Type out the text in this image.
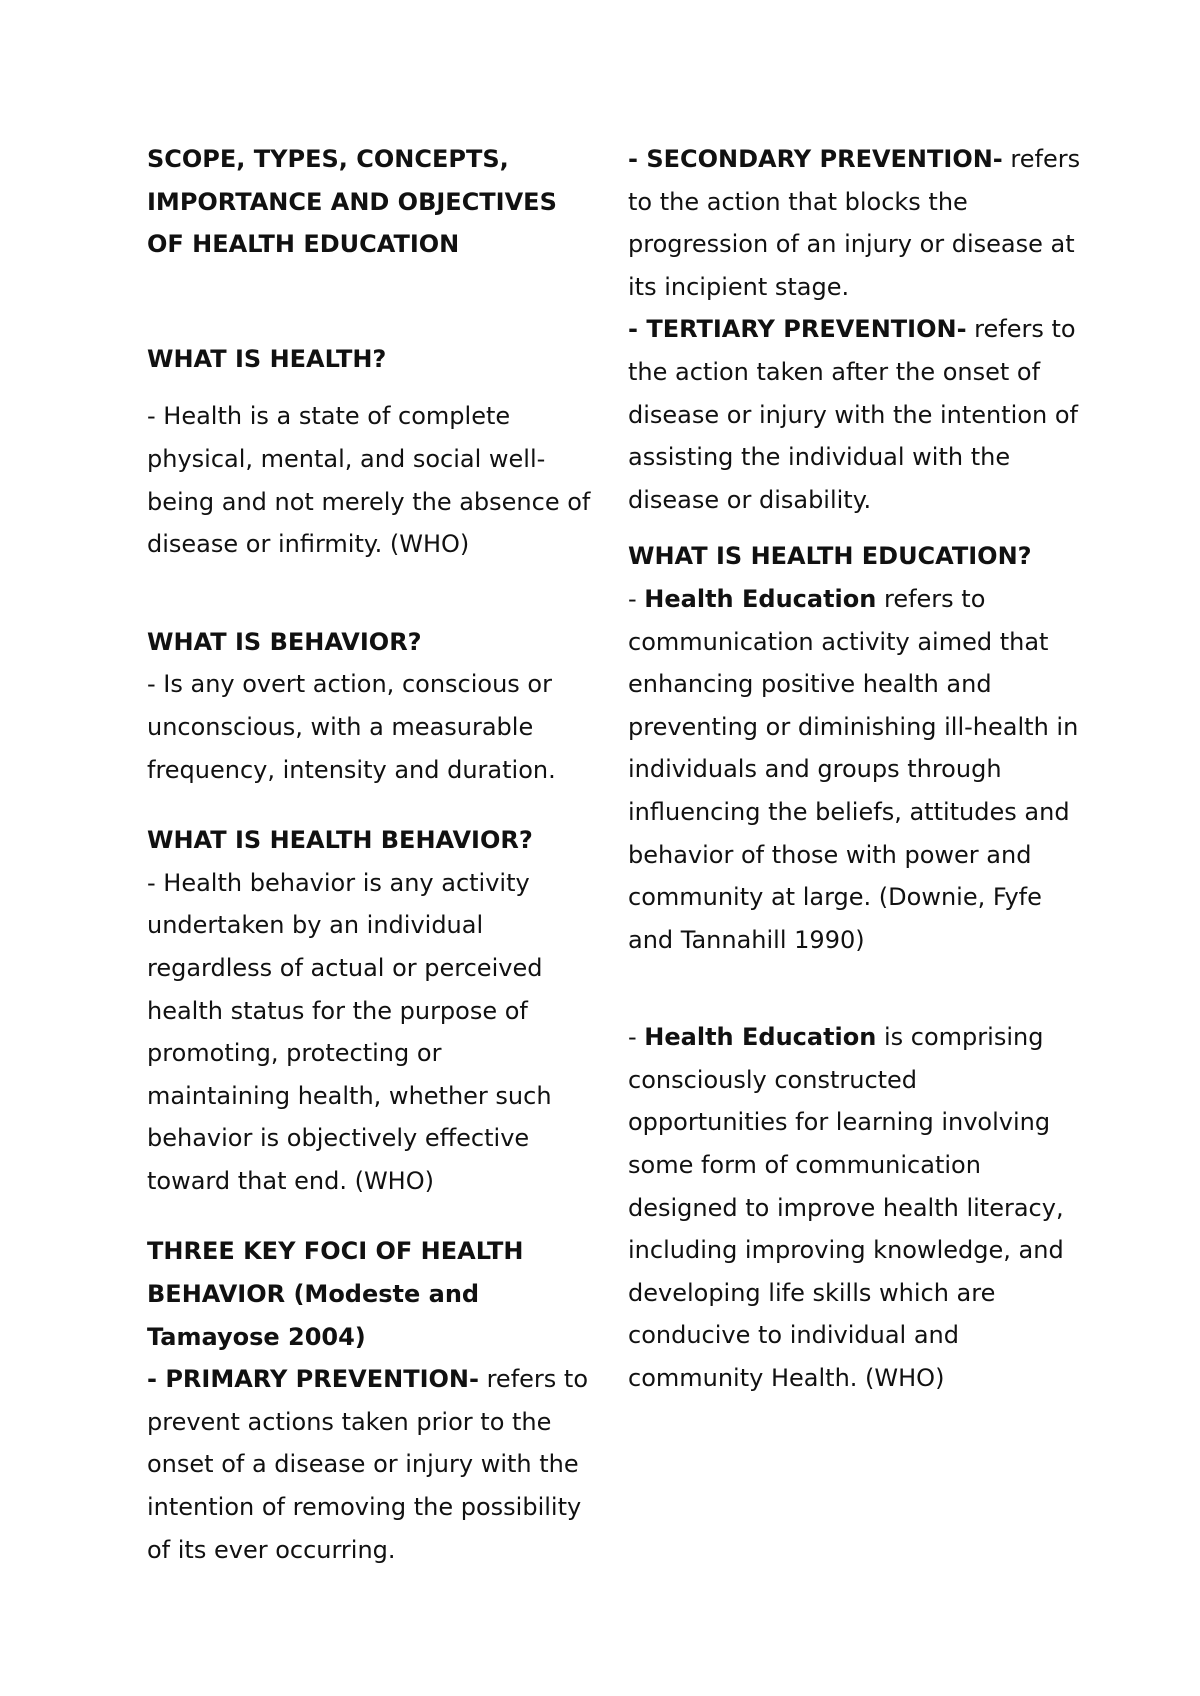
SCOPE, TYPES, CONCEPTS,
IMPORTANCE AND OBJECTIVES
OF HEALTH EDUCATION
WHAT IS HEALTH?
- Health is a state of complete physical, mental, and social well-being and not merely the absence of disease or infirmity. (WHO)
WHAT IS BEHAVIOR?
- Is any overt action, conscious or unconscious, with a measurable frequency, intensity and duration.
WHAT IS HEALTH BEHAVIOR?
- Health behavior is any activity undertaken by an individual regardless of actual or perceived health status for the purpose of promoting, protecting or maintaining health, whether such behavior is objectively effective toward that end. (WHO)
THREE KEY FOCI OF HEALTH BEHAVIOR (Modeste and Tamayose 2004)
- PRIMARY PREVENTION- refers to prevent actions taken prior to the onset of a disease or injury with the intention of removing the possibility of its ever occurring.
- SECONDARY PREVENTION- refers to the action that blocks the progression of an injury or disease at its incipient stage.
- TERTIARY PREVENTION- refers to the action taken after the onset of disease or injury with the intention of assisting the individual with the disease or disability.
WHAT IS HEALTH EDUCATION?
- Health Education refers to communication activity aimed that enhancing positive health and preventing or diminishing ill-health in individuals and groups through influencing the beliefs, attitudes and behavior of those with power and community at large. (Downie, Fyfe and Tannahill 1990)
- Health Education is comprising consciously constructed opportunities for learning involving some form of communication designed to improve health literacy, including improving knowledge, and developing life skills which are conducive to individual and community Health. (WHO)
